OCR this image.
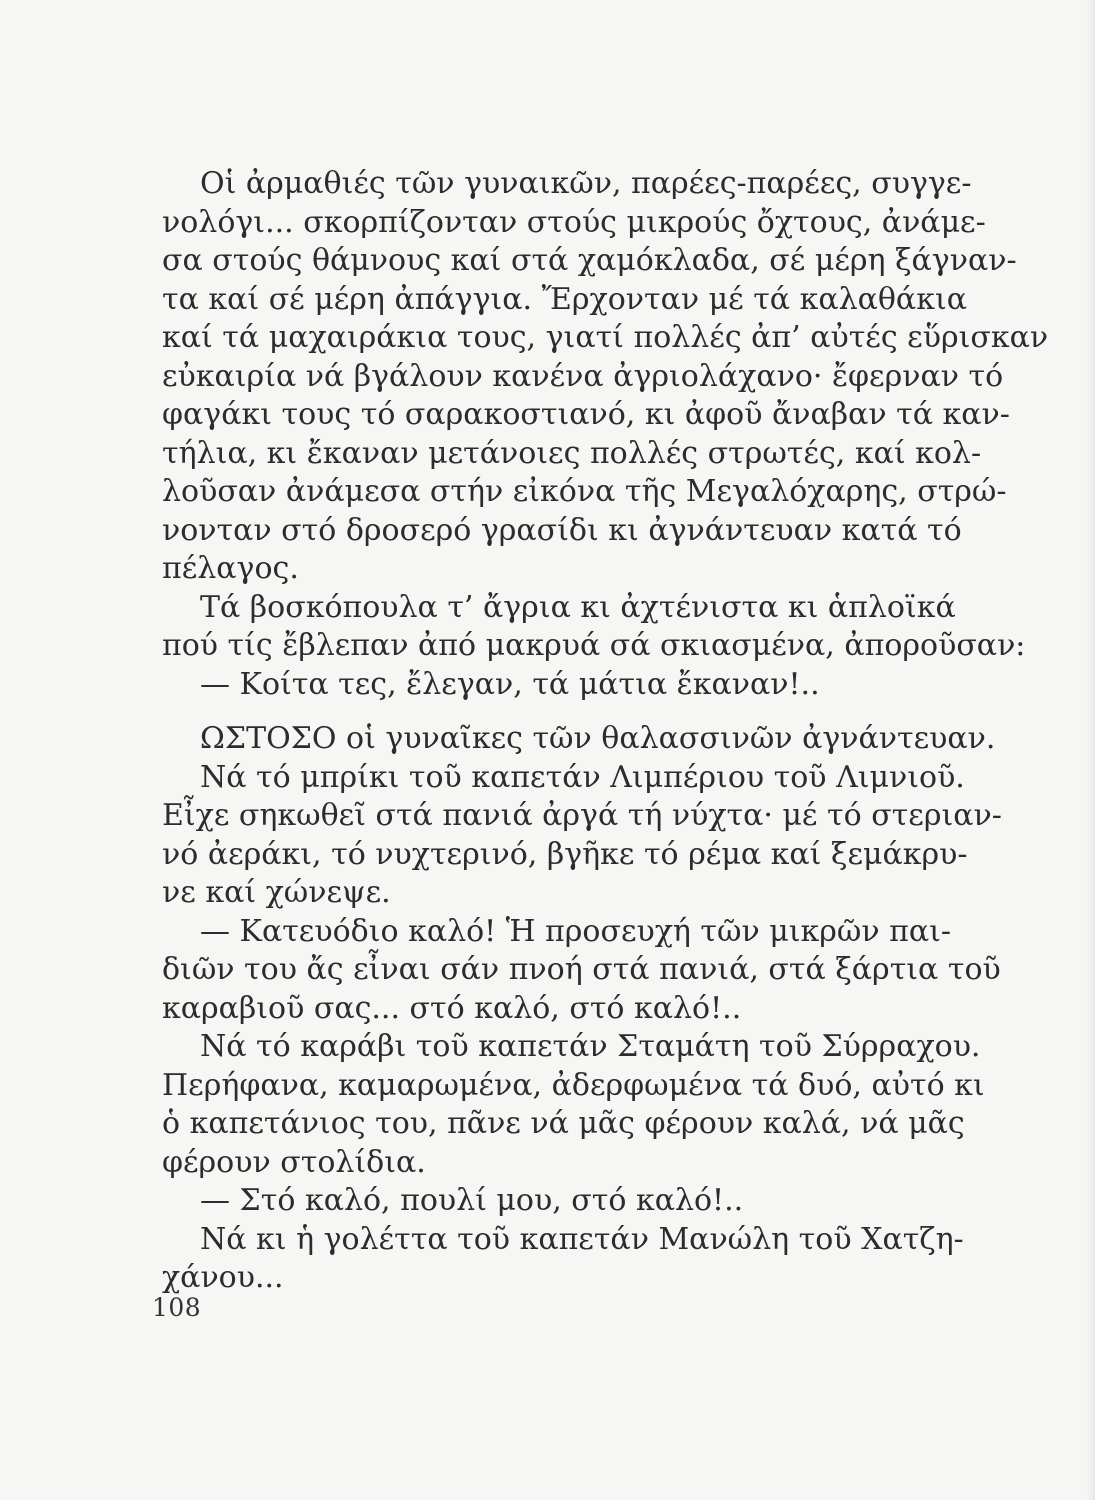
Οἱ ἀρμαθιές τῶν γυναικῶν, παρέες-παρέες, συγγε-
νολόγι... σκορπίζονταν στούς μικρούς ὄχτους, ἀνάμε-
σα στούς θάμνους καί στά χαμόκλαδα, σέ μέρη ξάγναν-
τα καί σέ μέρη ἀπάγγια. Ἔρχονταν μέ τά καλαθάκια
καί τά μαχαιράκια τους, γιατί πολλές ἀπ’ αὐτές εὕρισκαν
εὐκαιρία νά βγάλουν κανένα ἀγριολάχανο· ἔφερναν τό
φαγάκι τους τό σαρακοστιανό, κι ἀφοῦ ἄναβαν τά καν-
τήλια, κι ἔκαναν μετάνοιες πολλές στρωτές, καί κολ-
λοῦσαν ἀνάμεσα στήν εἰκόνα τῆς Μεγαλόχαρης, στρώ-
νονταν στό δροσερό γρασίδι κι ἀγνάντευαν κατά τό
πέλαγος.
Τά βοσκόπουλα τ’ ἄγρια κι ἀχτένιστα κι ἁπλοϊκά
πού τίς ἔβλεπαν ἀπό μακρυά σά σκιασμένα, ἀποροῦσαν:
— Κοίτα τες, ἔλεγαν, τά μάτια ἔκαναν!..
ΩΣΤΟΣΟ οἱ γυναῖκες τῶν θαλασσινῶν ἀγνάντευαν.
Νά τό μπρίκι τοῦ καπετάν Λιμπέριου τοῦ Λιμνιοῦ.
Εἶχε σηκωθεῖ στά πανιά ἀργά τή νύχτα· μέ τό στεριαν-
νό ἀεράκι, τό νυχτερινό, βγῆκε τό ρέμα καί ξεμάκρυ-
νε καί χώνεψε.
— Κατευόδιο καλό! Ἡ προσευχή τῶν μικρῶν παι-
διῶν του ἄς εἶναι σάν πνοή στά πανιά, στά ξάρτια τοῦ
καραβιοῦ σας... στό καλό, στό καλό!..
Νά τό καράβι τοῦ καπετάν Σταμάτη τοῦ Σύρραχου.
Περήφανα, καμαρωμένα, ἀδερφωμένα τά δυό, αὐτό κι
ὁ καπετάνιος του, πᾶνε νά μᾶς φέρουν καλά, νά μᾶς
φέρουν στολίδια.
— Στό καλό, πουλί μου, στό καλό!..
Νά κι ἡ γολέττα τοῦ καπετάν Μανώλη τοῦ Χατζη-
χάνου...
108
